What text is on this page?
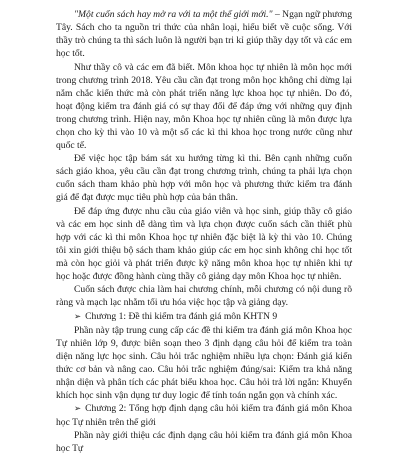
"Một cuốn sách hay mở ra với ta một thế giới mới." – Ngạn ngữ phương Tây. Sách cho ta nguồn tri thức của nhân loại, hiểu biết về cuộc sống. Với thầy trò chúng ta thì sách luôn là người bạn tri kỉ giúp thầy dạy tốt và các em học tốt.

Như thầy cô và các em đã biết. Môn khoa học tự nhiên là môn học mới trong chương trình 2018. Yêu cầu cần đạt trong môn học không chỉ dừng lại nắm chắc kiến thức mà còn phát triển năng lực khoa học tự nhiên. Do đó, hoạt động kiểm tra đánh giá có sự thay đổi để đáp ứng với những quy định trong chương trình. Hiện nay, môn Khoa học tự nhiên cũng là môn được lựa chọn cho kỳ thi vào 10 và một số các kì thi khoa học trong nước cũng như quốc tế.

Để việc học tập bám sát xu hướng từng kì thi. Bên cạnh những cuốn sách giáo khoa, yêu cầu cần đạt trong chương trình, chúng ta phải lựa chọn cuốn sách tham khảo phù hợp với môn học và phương thức kiểm tra đánh giá để đạt được mục tiêu phù hợp của bản thân.

Để đáp ứng được nhu cầu của giáo viên và học sinh, giúp thầy cô giáo và các em học sinh dễ dàng tìm và lựa chọn được cuốn sách cần thiết phù hợp với các kì thi môn Khoa học tự nhiên đặc biệt là kỳ thi vào 10. Chúng tôi xin giới thiệu bộ sách tham khảo giúp các em học sinh không chỉ học tốt mà còn học giỏi và phát triển được kỹ năng môn khoa học tự nhiên khi tự học hoặc được đồng hành cùng thầy cô giảng dạy môn Khoa học tự nhiên.

Cuốn sách được chia làm hai chương chính, mỗi chương có nội dung rõ ràng và mạch lạc nhằm tối ưu hóa việc học tập và giảng dạy.

➢ Chương 1: Đề thi kiểm tra đánh giá môn KHTN 9

Phần này tập trung cung cấp các đề thi kiểm tra đánh giá môn Khoa học Tự nhiên lớp 9, được biên soạn theo 3 định dạng câu hỏi để kiểm tra toàn diện năng lực học sinh. Câu hỏi trắc nghiệm nhiều lựa chọn: Đánh giá kiến thức cơ bản và nâng cao. Câu hỏi trắc nghiệm đúng/sai: Kiểm tra khả năng nhận diện và phân tích các phát biểu khoa học. Câu hỏi trả lời ngắn: Khuyến khích học sinh vận dụng tư duy logic để tính toán ngắn gọn và chính xác.

➢ Chương 2: Tổng hợp định dạng câu hỏi kiểm tra đánh giá môn Khoa học Tự nhiên trên thế giới

Phần này giới thiệu các định dạng câu hỏi kiểm tra đánh giá môn Khoa học Tự
